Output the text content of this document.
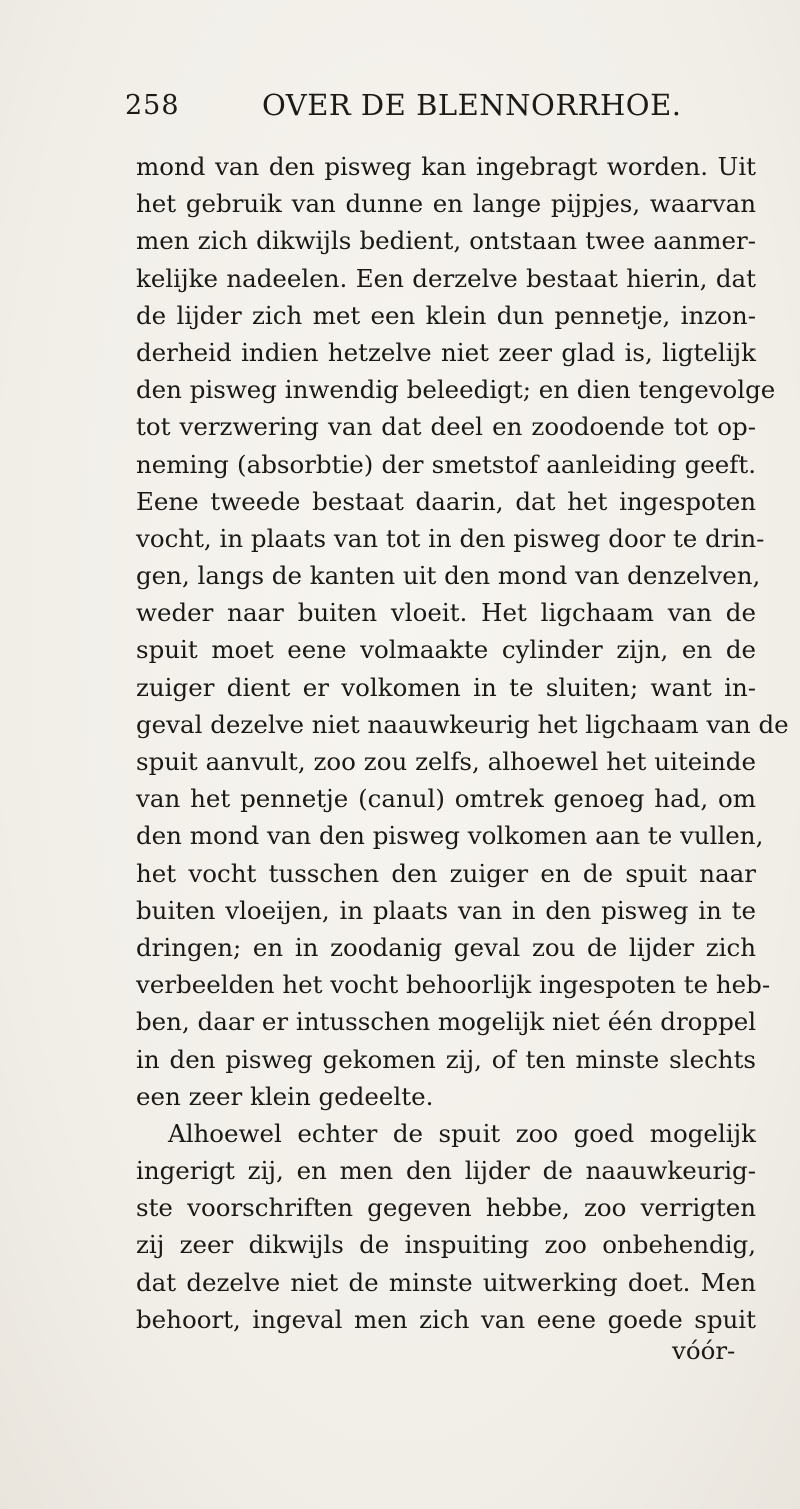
258	OVER DE BLENNORRHOE.
mond van den pisweg kan ingebragt worden. Uit
het gebruik van dunne en lange pijpjes, waarvan
men zich dikwijls bedient, ontstaan twee aanmer-
kelijke nadeelen. Een derzelve bestaat hierin, dat
de lijder zich met een klein dun pennetje, inzon-
derheid indien hetzelve niet zeer glad is, ligtelijk
den pisweg inwendig beleedigt; en dien tengevolge
tot verzwering van dat deel en zoodoende tot op-
neming (absorbtie) der smetstof aanleiding geeft.
Eene tweede bestaat daarin, dat het ingespoten
vocht, in plaats van tot in den pisweg door te drin-
gen, langs de kanten uit den mond van denzelven,
weder naar buiten vloeit. Het ligchaam van de
spuit moet eene volmaakte cylinder zijn, en de
zuiger dient er volkomen in te sluiten; want in-
geval dezelve niet naauwkeurig het ligchaam van de
spuit aanvult, zoo zou zelfs, alhoewel het uiteinde
van het pennetje (canul) omtrek genoeg had, om
den mond van den pisweg volkomen aan te vullen,
het vocht tusschen den zuiger en de spuit naar
buiten vloeijen, in plaats van in den pisweg in te
dringen; en in zoodanig geval zou de lijder zich
verbeelden het vocht behoorlijk ingespoten te heb-
ben, daar er intusschen mogelijk niet één droppel
in den pisweg gekomen zij, of ten minste slechts
een zeer klein gedeelte.
Alhoewel echter de spuit zoo goed mogelijk
ingerigt zij, en men den lijder de naauwkeurig-
ste voorschriften gegeven hebbe, zoo verrigten
zij zeer dikwijls de inspuiting zoo onbehendig,
dat dezelve niet de minste uitwerking doet. Men
behoort, ingeval men zich van eene goede spuit
vóór-
